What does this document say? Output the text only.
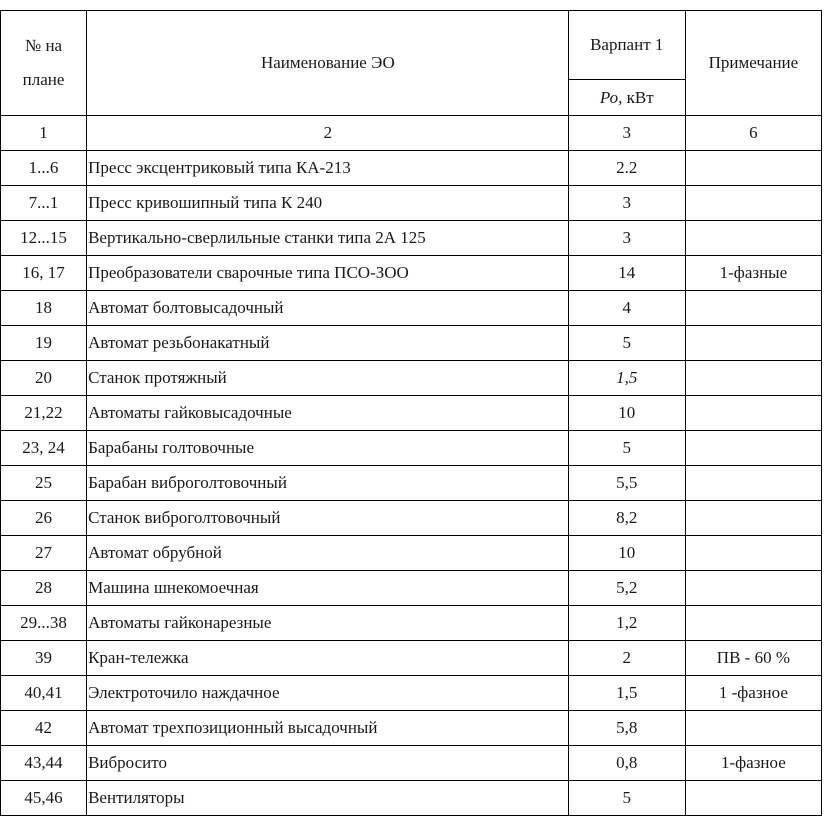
№ на
плане	Наименование ЭО	Варпант 1	Примечание
		Ро, кВт	
1	2	3	6
1...6	Пресс эксцентриковый типа КА-213	2.2	
7...1	Пресс кривошипный типа К 240	3	
12...15	Вертикально-сверлильные станки типа 2А 125	3	
16, 17	Преобразователи сварочные типа ПСО-ЗОО	14	1-фазные
18	Автомат болтовысадочный	4	
19	Автомат резьбонакатный	5	
20	Станок протяжный	1,5	
21,22	Автоматы гайковысадочные	10	
23, 24	Барабаны голтовочные	5	
25	Барабан виброголтовочный	5,5	
26	Станок виброголтовочный	8,2	
27	Автомат обрубной	10	
28	Машина шнекомоечная	5,2	
29...38	Автоматы гайконарезные	1,2	
39	Кран-тележка	2	ПВ - 60 %
40,41	Электроточило наждачное	1,5	1 -фазное
42	Автомат трехпозиционный высадочный	5,8	
43,44	Вибросито	0,8	1-фазное
45,46	Вентиляторы	5	
